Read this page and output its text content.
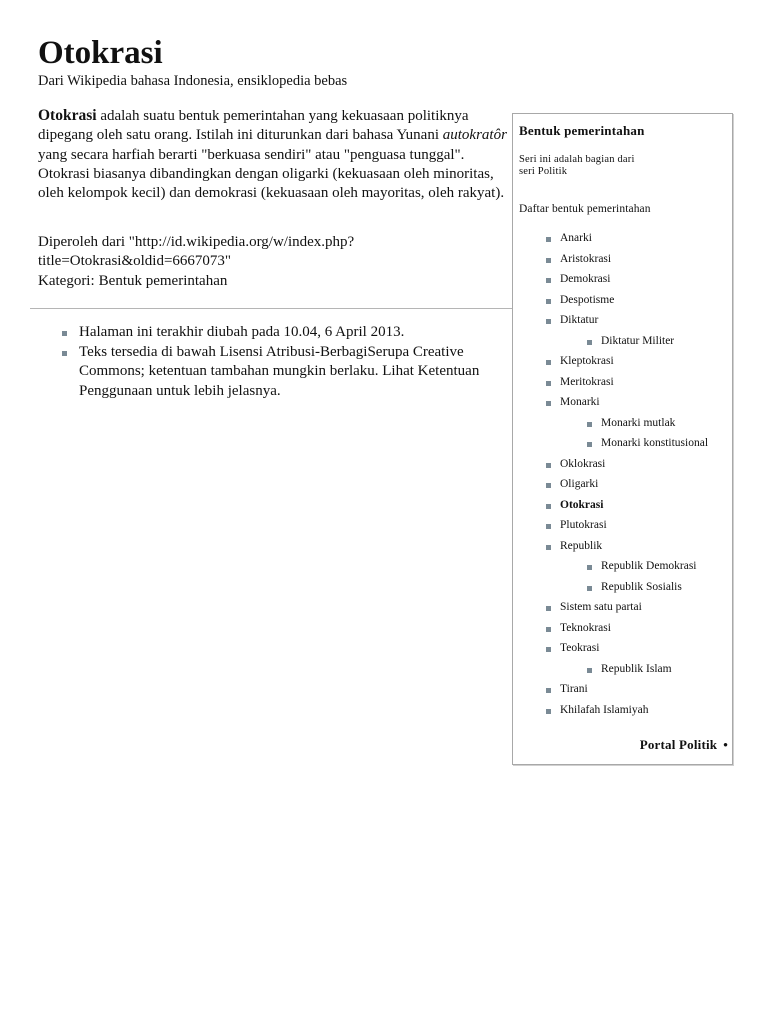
Otokrasi
Dari Wikipedia bahasa Indonesia, ensiklopedia bebas

Otokrasi adalah suatu bentuk pemerintahan yang kekuasaan politiknya dipegang oleh satu orang. Istilah ini diturunkan dari bahasa Yunani autokratôr yang secara harfiah berarti "berkuasa sendiri" atau "penguasa tunggal". Otokrasi biasanya dibandingkan dengan oligarki (kekuasaan oleh minoritas, oleh kelompok kecil) dan demokrasi (kekuasaan oleh mayoritas, oleh rakyat).

Diperoleh dari "http://id.wikipedia.org/w/index.php?title=Otokrasi&oldid=6667073"
Kategori: Bentuk pemerintahan
Halaman ini terakhir diubah pada 10.04, 6 April 2013.
Teks tersedia di bawah Lisensi Atribusi-BerbagiSerupa Creative Commons; ketentuan tambahan mungkin berlaku. Lihat Ketentuan Penggunaan untuk lebih jelasnya.
Bentuk pemerintahan
Seri ini adalah bagian dari
seri Politik
Daftar bentuk pemerintahan
Anarki
Aristokrasi
Demokrasi
Despotisme
Diktatur
Diktatur Militer
Kleptokrasi
Meritokrasi
Monarki
Monarki mutlak
Monarki konstitusional
Oklokrasi
Oligarki
Otokrasi
Plutokrasi
Republik
Republik Demokrasi
Republik Sosialis
Sistem satu partai
Teknokrasi
Teokrasi
Republik Islam
Tirani
Khilafah Islamiyah
Portal Politik •
